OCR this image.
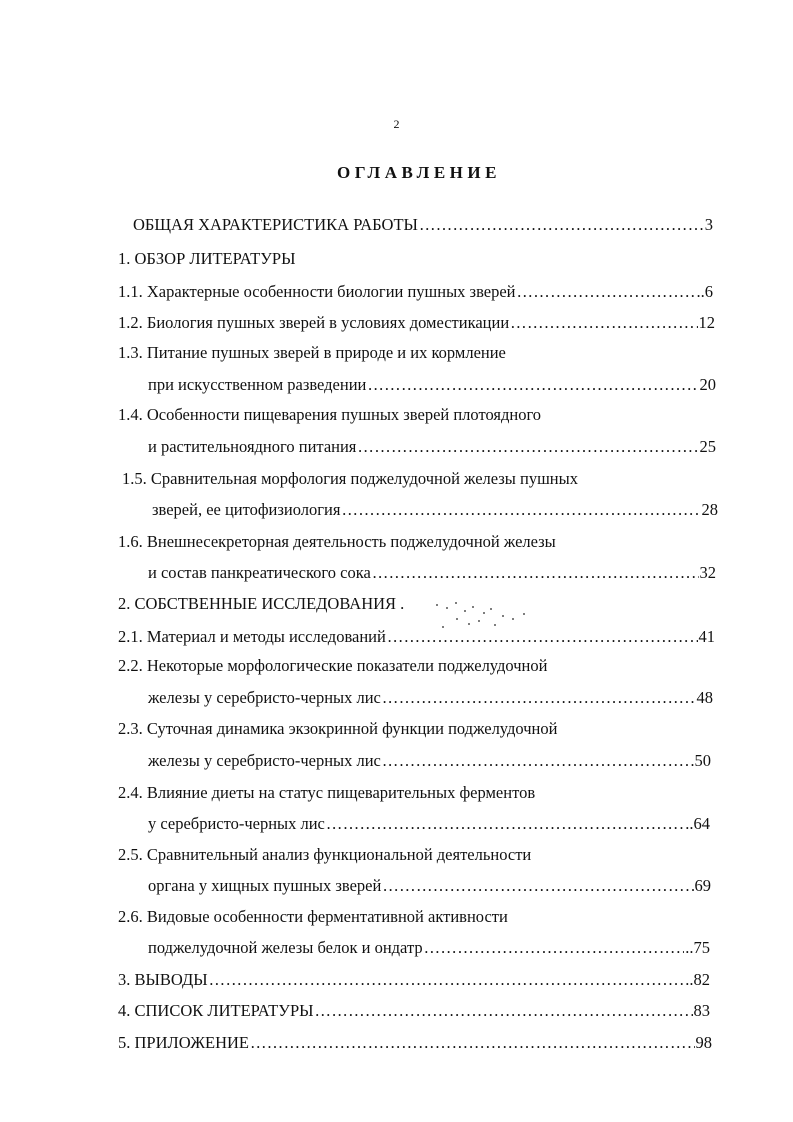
2
ОГЛАВЛЕНИЕ
ОБЩАЯ ХАРАКТЕРИСТИКА РАБОТЫ …………………………………………………………………………………………………………………………………………………………	3
1. ОБЗОР ЛИТЕРАТУРЫ
1.1. Характерные особенности биологии пушных зверей …………………………………………………………………………………………………………………………………………………………	..6
1.2. Биология пушных зверей в условиях доместикации …………………………………………………………………………………………………………………………………………………………	12
1.3. Питание пушных зверей в природе и их кормление
при искусственном разведении …………………………………………………………………………………………………………………………………………………………	20
1.4. Особенности пищеварения пушных зверей плотоядного
и растительноядного питания …………………………………………………………………………………………………………………………………………………………	25
1.5. Сравнительная морфология поджелудочной железы пушных
зверей, ее цитофизиология …………………………………………………………………………………………………………………………………………………………	28
1.6. Внешнесекреторная деятельность поджелудочной железы
и состав панкреатического сока …………………………………………………………………………………………………………………………………………………………	32
2. СОБСТВЕННЫЕ ИССЛЕДОВАНИЯ .
2.1. Материал и методы исследований …………………………………………………………………………………………………………………………………………………………	41
2.2. Некоторые морфологические показатели поджелудочной
железы у серебристо-черных лис …………………………………………………………………………………………………………………………………………………………	48
2.3. Суточная динамика экзокринной функции поджелудочной
железы у серебристо-черных лис …………………………………………………………………………………………………………………………………………………………	50
2.4. Влияние диеты на статус пищеварительных ферментов
у серебристо-черных лис …………………………………………………………………………………………………………………………………………………………	..64
2.5. Сравнительный анализ функциональной деятельности
органа у хищных пушных зверей …………………………………………………………………………………………………………………………………………………………	69
2.6. Видовые особенности ферментативной активности
поджелудочной железы белок и ондатр …………………………………………………………………………………………………………………………………………………………	..75
3. ВЫВОДЫ …………………………………………………………………………………………………………………………………………………………	..82
4. СПИСОК ЛИТЕРАТУРЫ …………………………………………………………………………………………………………………………………………………………	83
5. ПРИЛОЖЕНИЕ …………………………………………………………………………………………………………………………………………………………	98
